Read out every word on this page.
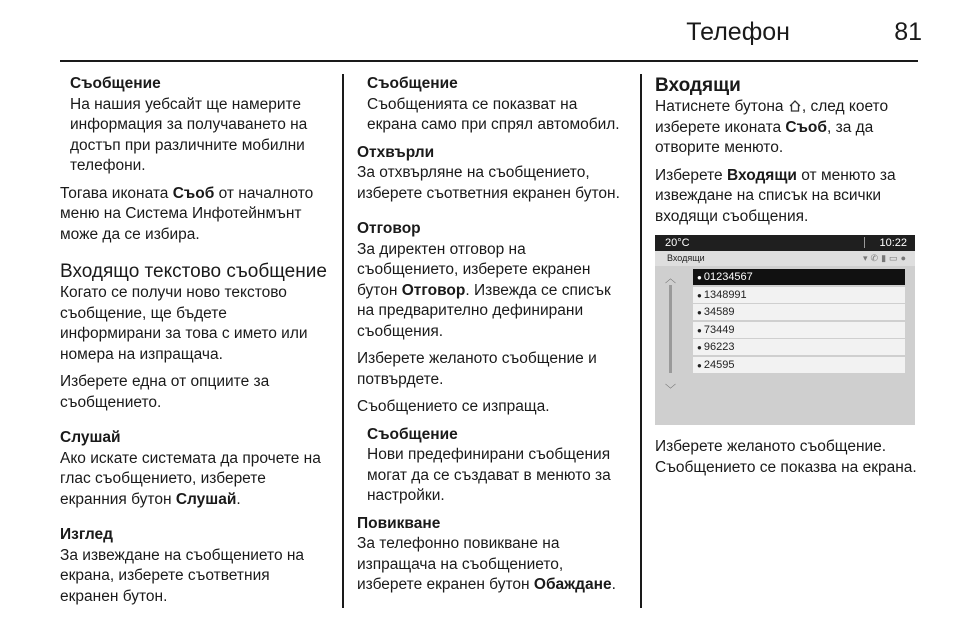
Телефон	81

Съобщение
На нашия уебсайт ще намерите информация за получаването на достъп при различните мобилни телефони.

Тогава иконата Съоб от началното меню на Система Инфотейнмънт може да се избира.

Входящо текстово съобщение

Когато се получи ново текстово съобщение, ще бъдете информирани за това с името или номера на изпращача.

Изберете една от опциите за съобщението.

Слушай

Ако искате системата да прочете на глас съобщението, изберете екранния бутон Слушай.

Изглед

За извеждане на съобщението на екрана, изберете съответния екранен бутон.

Съобщение
Съобщенията се показват на екрана само при спрял автомобил.

Отхвърли

За отхвърляне на съобщението, изберете съответния екранен бутон.

Отговор

За директен отговор на съобщението, изберете екранен бутон Отговор. Извежда се списък на предварително дефинирани съобщения.

Изберете желаното съобщение и потвърдете.

Съобщението се изпраща.

Съобщение
Нови предефинирани съобщения могат да се създават в менюто за настройки.

Повикване

За телефонно повикване на изпращача на съобщението, изберете екранен бутон Обаждане.

Входящи

Натиснете бутона , след което изберете иконата Съоб, за да отворите менюто.

Изберете Входящи от менюто за извеждане на списък на всички входящи съобщения.

20°C	10:22
Входящи	▾✆▮▭●
︿
﹀
● 01234567
● 1348991
● 34589
● 73449
● 96223
● 24595

Изберете желаното съобщение. Съобщението се показва на екрана.
